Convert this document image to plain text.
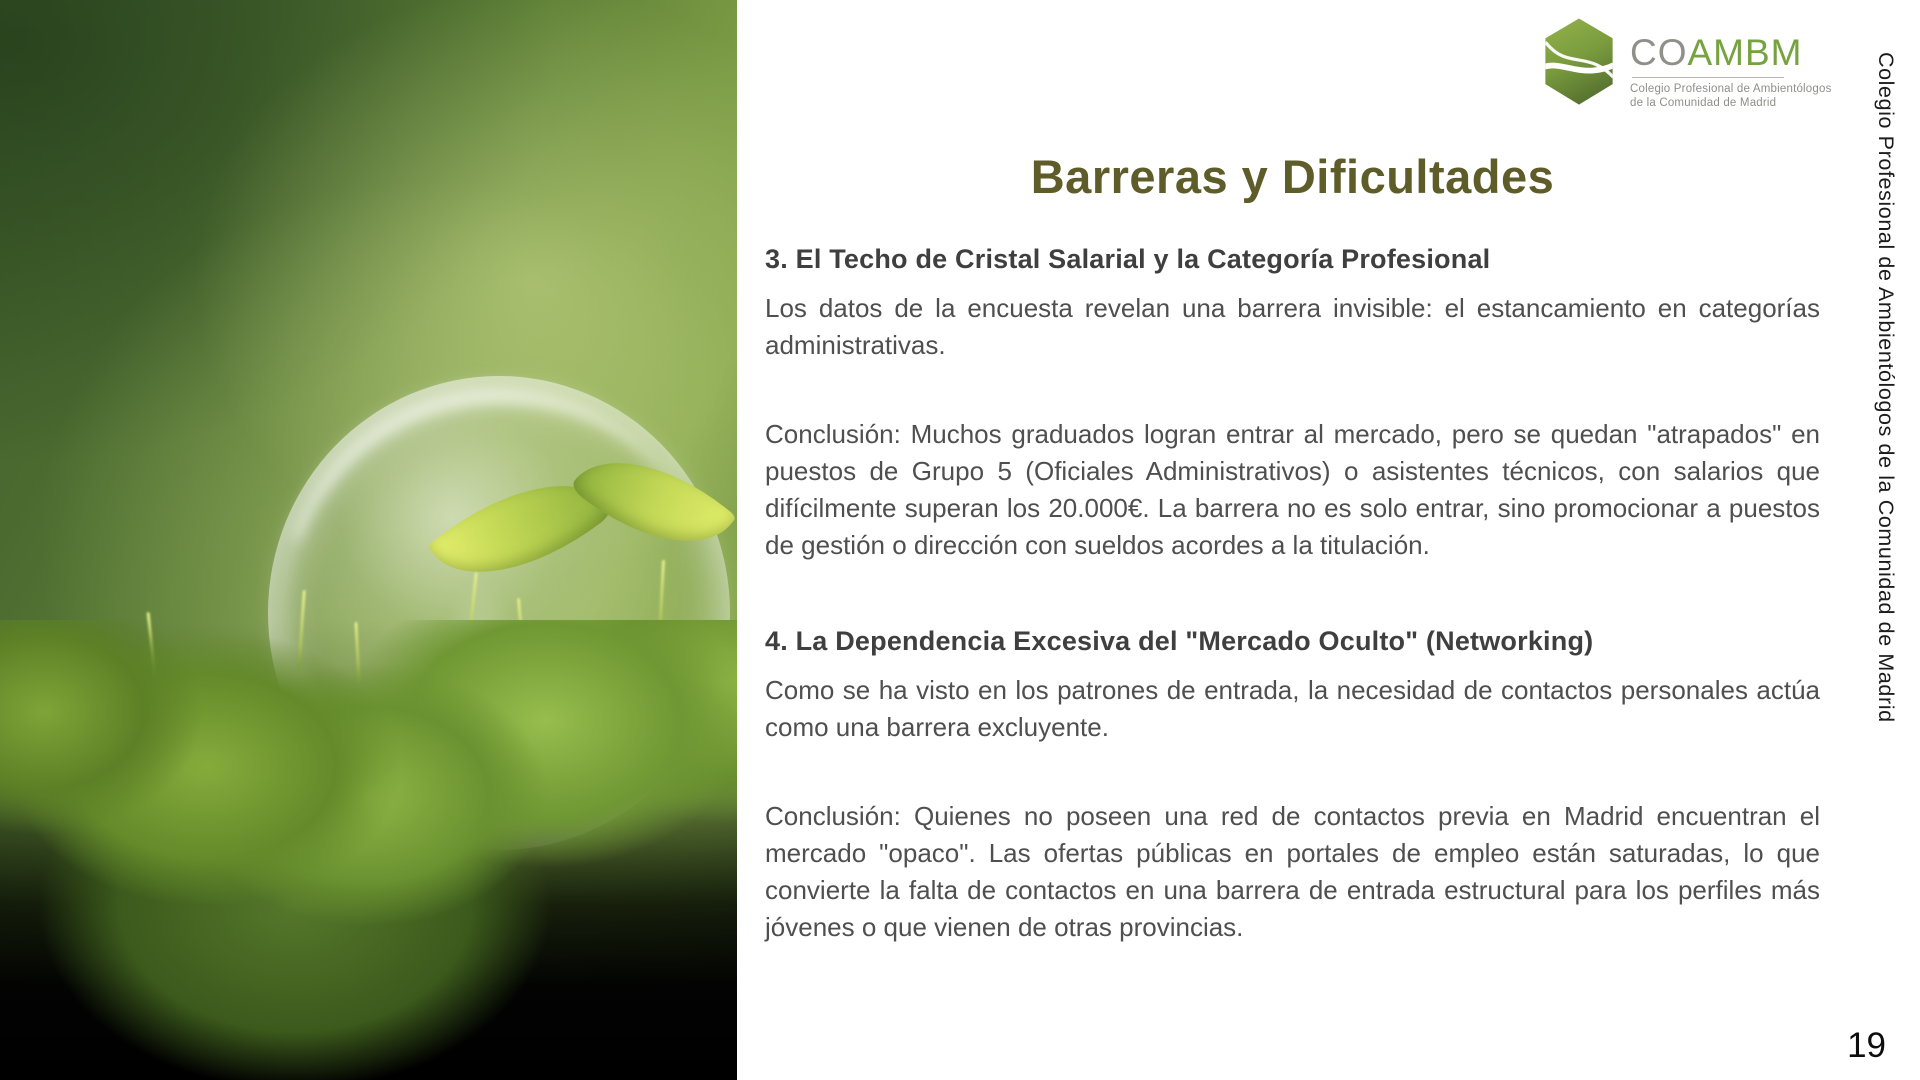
COAMBM
Colegio Profesional de Ambientólogos
de la Comunidad de Madrid
Barreras y Dificultades
3. El Techo de Cristal Salarial y la Categoría Profesional

Los datos de la encuesta revelan una barrera invisible: el estancamiento en categorías administrativas.

Conclusión: Muchos graduados logran entrar al mercado, pero se quedan "atrapados" en puestos de Grupo 5 (Oficiales Administrativos) o asistentes técnicos, con salarios que difícilmente superan los 20.000€. La barrera no es solo entrar, sino promocionar a puestos de gestión o dirección con sueldos acordes a la titulación.

4. La Dependencia Excesiva del "Mercado Oculto" (Networking)

Como se ha visto en los patrones de entrada, la necesidad de contactos personales actúa como una barrera excluyente.

Conclusión: Quienes no poseen una red de contactos previa en Madrid encuentran el mercado "opaco". Las ofertas públicas en portales de empleo están saturadas, lo que convierte la falta de contactos en una barrera de entrada estructural para los perfiles más jóvenes o que vienen de otras provincias.

Colegio Profesional de Ambientólogos de la Comunidad de Madrid
19
